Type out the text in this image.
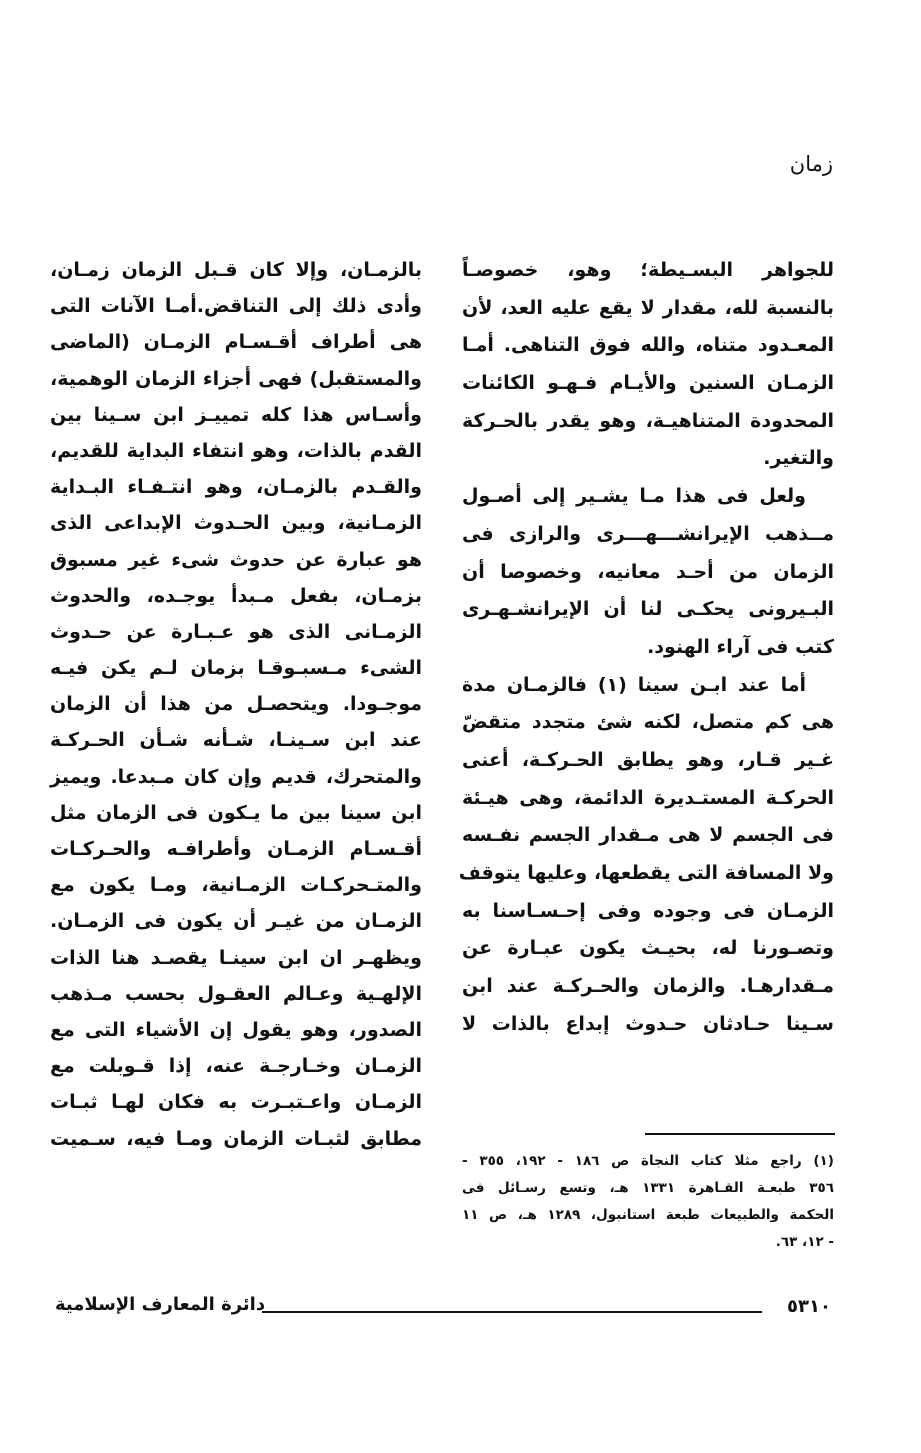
زمان
للجواهر البسـيطة؛ وهو، خصوصـاً
بالنسبة لله، مقدار لا يقع عليه العد، لأن
المعـدود متناه، والله فوق التناهى. أمـا
الزمـان السنين والأيـام فـهـو الكائنات
المحدودة المتناهيـة، وهو يقدر بالحـركة
والتغير.
ولعل فى هذا مـا يشـير إلى أصـول
مــذهب الإيرانشـــهـــرى والرازى فى
الزمان من أحـد معانيه، وخصوصا أن
البـيرونى يحكـى لنا أن الإيرانشـهـرى
كتب فى آراء الهنود.
أما عند ابـن سينا (١) فالزمـان مدة
هى كم متصل، لكنه شئ متجدد متقضّ
غـير قـار، وهو يطابق الحـركـة، أعنى
الحركـة المستـديرة الدائمة، وهى هيـئة
فى الجسم لا هى مـقدار الجسم نفـسه
ولا المسافة التى يقطعها، وعليها يتوقف
الزمـان فى وجوده وفى إحـسـاسنا به
وتصـورنا له، بحيـث يكون عبـارة عن
مـقدارهـا. والزمان والحـركـة عند ابن
سـينا حـادثان حـدوث إبداع بالذات لا
بالزمـان، وإلا كان قـبل الزمان زمـان،
وأدى ذلك إلى التناقض.أمـا الآنات التى
هى أطراف أقـسـام الزمـان (الماضى
والمستقبل) فهى أجزاء الزمان الوهمية،
وأسـاس هذا كله تمييـز ابن سـينا بين
القدم بالذات، وهو انتفاء البداية للقديم،
والقـدم بالزمـان، وهو انتـفـاء البـداية
الزمـانية، وبين الحـدوث الإبداعى الذى
هو عبارة عن حدوث شىء غير مسبوق
بزمـان، بفعل مـبدأ يوجـده، والحدوث
الزمـانى الذى هو عـبـارة عن حـدوث
الشىء مـسبـوقـا بزمان لـم يكن فيـه
موجـودا. ويتحصـل من هذا أن الزمان
عند ابن سـينـا، شـأنه شـأن الحـركـة
والمتحرك، قديم وإن كان مـبدعا. ويميز
ابن سينا بين ما يـكون فى الزمان مثل
أقـسـام الزمـان وأطرافـه والحـركـات
والمتـحركـات الزمـانية، ومـا يكون مع
الزمـان من غيـر أن يكون فى الزمـان.
ويظهـر ان ابن سينـا يقصـد هنا الذات
الإلهـية وعـالم العقـول بحسب مـذهب
الصدور، وهو يقول إن الأشياء التى مع
الزمـان وخـارجـة عنه، إذا قـوبلت مع
الزمـان واعـتبـرت به فكان لهـا ثبـات
مطابق لثبـات الزمان ومـا فيه، سـميت
(١) راجع مثلا كتاب النجاة ص ١٨٦ - ١٩٢، ٣٥٥ -
٣٥٦ طبعـة القـاهرة ١٣٣١ هـ، وتسع رسـائل فى
الحكمة والطبيعات طبعة استانبول، ١٢٨٩ هـ، ص ١١
- ١٢، ٦٣.
٥٣١٠
دائرة المعارف الإسلامية
